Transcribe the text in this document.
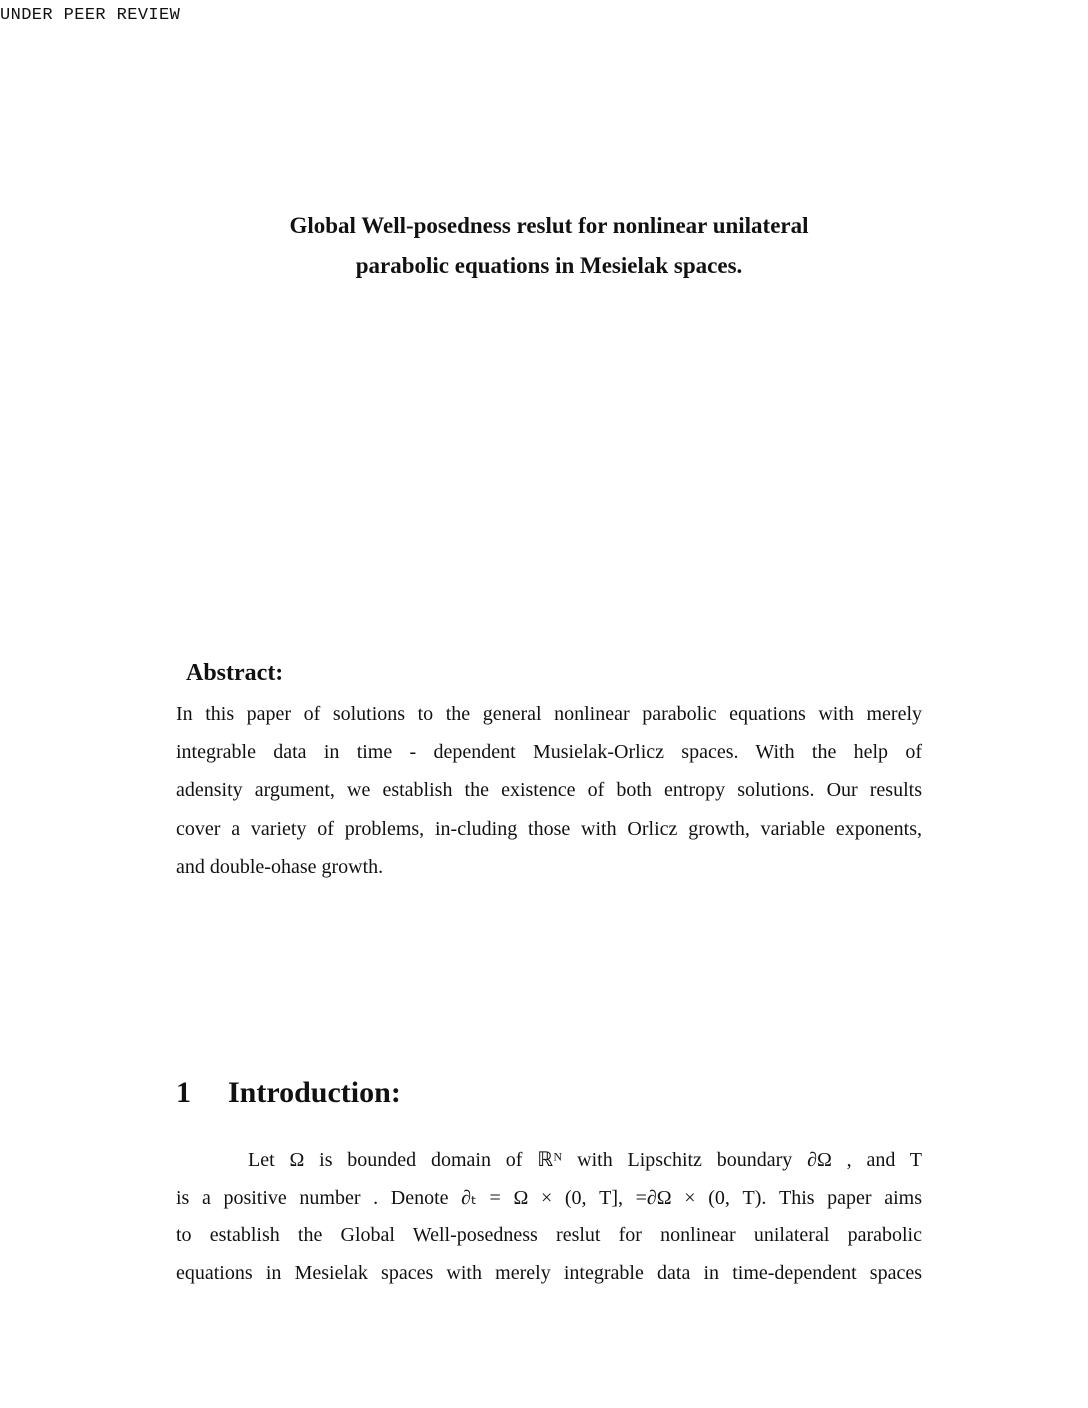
UNDER PEER REVIEW
Global Well-posedness reslut for nonlinear unilateral
parabolic equations in Mesielak spaces.
Abstract:
In this paper of solutions to the general nonlinear parabolic equations with merely
integrable data in time - dependent Musielak-Orlicz spaces. With the help of
adensity argument, we establish the existence of both entropy solutions. Our results
cover a variety of problems, in-cluding those with Orlicz growth, variable exponents,
and double-ohase growth.
1 Introduction:
Let Ω is bounded domain of ℝᴺ with Lipschitz boundary ∂Ω , and T
is a positive number . Denote ∂ₜ = Ω × (0, T], =∂Ω × (0, T). This paper aims
to establish the Global Well-posedness reslut for nonlinear unilateral parabolic
equations in Mesielak spaces with merely integrable data in time-dependent spaces
